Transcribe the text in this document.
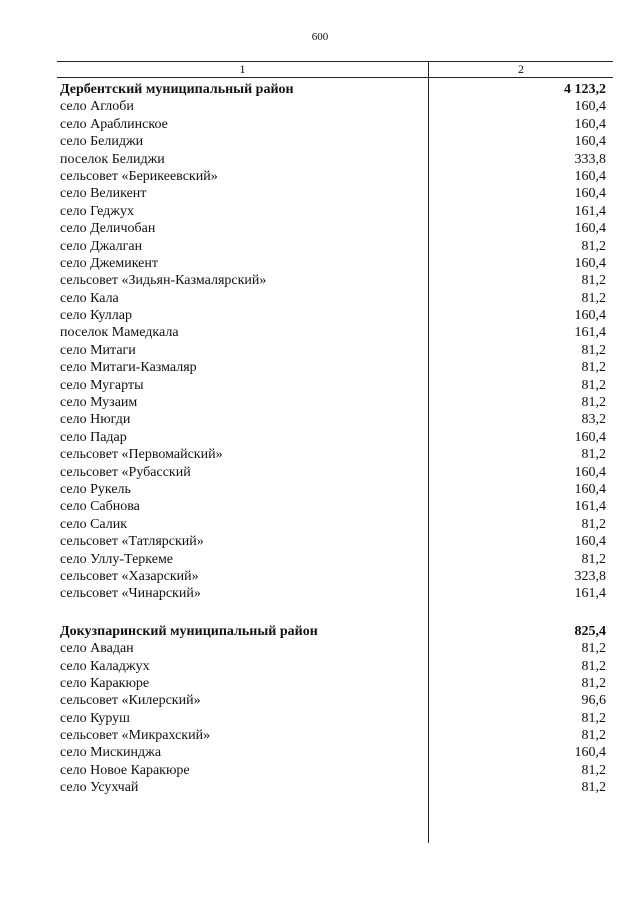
600
1	2
Дербентский муниципальный район	4 123,2
село Аглоби	160,4
село Араблинское	160,4
село Белиджи	160,4
поселок Белиджи	333,8
сельсовет «Берикеевский»	160,4
село Великент	160,4
село Геджух	161,4
село Деличобан	160,4
село Джалган	81,2
село Джемикент	160,4
сельсовет «Зидьян-Казмалярский»	81,2
село Кала	81,2
село Куллар	160,4
поселок Мамедкала	161,4
село Митаги	81,2
село Митаги-Казмаляр	81,2
село Мугарты	81,2
село Музаим	81,2
село Нюгди	83,2
село Падар	160,4
сельсовет «Первомайский»	81,2
сельсовет «Рубасский	160,4
село Рукель	160,4
село Сабнова	161,4
село Салик	81,2
сельсовет «Татлярский»	160,4
село Уллу-Теркеме	81,2
сельсовет «Хазарский»	323,8
сельсовет «Чинарский»	161,4
Докузпаринский муниципальный район	825,4
село Авадан	81,2
село Каладжух	81,2
село Каракюре	81,2
сельсовет «Килерский»	96,6
село Куруш	81,2
сельсовет «Микрахский»	81,2
село Мискинджа	160,4
село Новое Каракюре	81,2
село Усухчай	81,2
